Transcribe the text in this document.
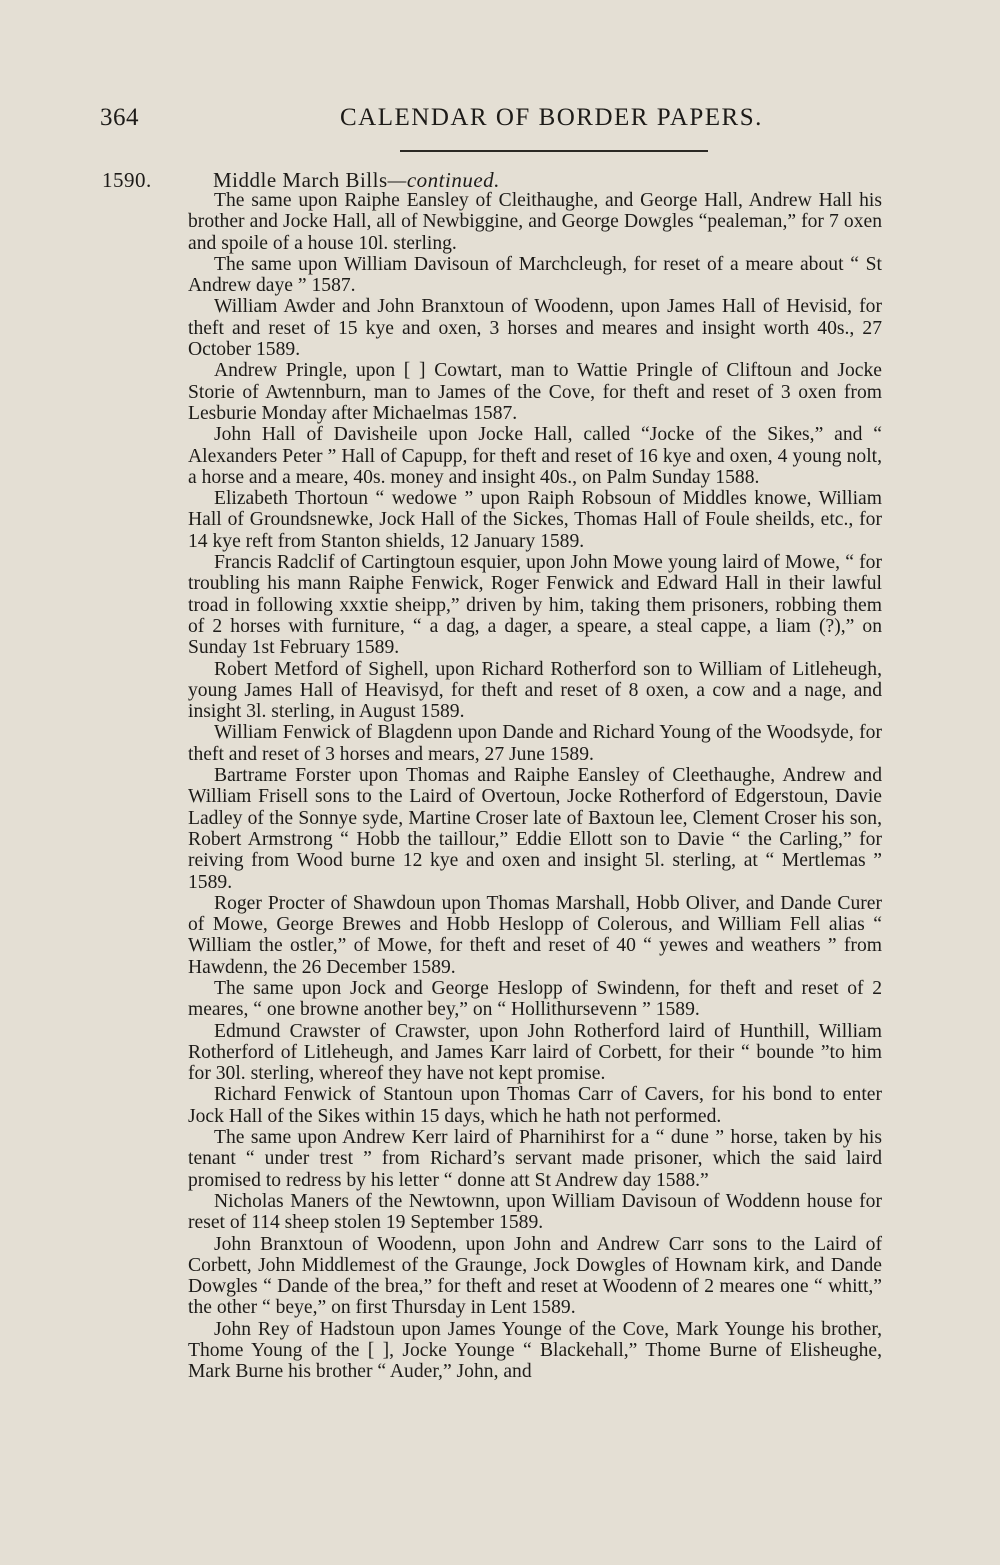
364	CALENDAR OF BORDER PAPERS.
1590.	Middle March Bills—continued.

The same upon Raiphe Eansley of Cleithaughe, and George Hall, Andrew Hall his brother and Jocke Hall, all of Newbiggine, and George Dowgles “pealeman,” for 7 oxen and spoile of a house 10l. sterling.

The same upon William Davisoun of Marchcleugh, for reset of a meare about “ St Andrew daye ” 1587.

William Awder and John Branxtoun of Woodenn, upon James Hall of Hevisid, for theft and reset of 15 kye and oxen, 3 horses and meares and insight worth 40s., 27 October 1589.

Andrew Pringle, upon [ ] Cowtart, man to Wattie Pringle of Cliftoun and Jocke Storie of Awtennburn, man to James of the Cove, for theft and reset of 3 oxen from Lesburie Monday after Michaelmas 1587.

John Hall of Davisheile upon Jocke Hall, called “Jocke of the Sikes,” and “ Alexanders Peter ” Hall of Capupp, for theft and reset of 16 kye and oxen, 4 young nolt, a horse and a meare, 40s. money and insight 40s., on Palm Sunday 1588.

Elizabeth Thortoun “ wedowe ” upon Raiph Robsoun of Middles knowe, William Hall of Groundsnewke, Jock Hall of the Sickes, Thomas Hall of Foule sheilds, etc., for 14 kye reft from Stanton shields, 12 January 1589.

Francis Radclif of Cartingtoun esquier, upon John Mowe young laird of Mowe, “ for troubling his mann Raiphe Fenwick, Roger Fenwick and Edward Hall in their lawful troad in following xxxtie sheipp,” driven by him, taking them prisoners, robbing them of 2 horses with furniture, “ a dag, a dager, a speare, a steal cappe, a liam (?),” on Sunday 1st February 1589.

Robert Metford of Sighell, upon Richard Rotherford son to William of Litleheugh, young James Hall of Heavisyd, for theft and reset of 8 oxen, a cow and a nage, and insight 3l. sterling, in August 1589.

William Fenwick of Blagdenn upon Dande and Richard Young of the Woodsyde, for theft and reset of 3 horses and mears, 27 June 1589.

Bartrame Forster upon Thomas and Raiphe Eansley of Cleethaughe, Andrew and William Frisell sons to the Laird of Overtoun, Jocke Rotherford of Edgerstoun, Davie Ladley of the Sonnye syde, Martine Croser late of Baxtoun lee, Clement Croser his son, Robert Armstrong “ Hobb the taillour,” Eddie Ellott son to Davie “ the Carling,” for reiving from Wood burne 12 kye and oxen and insight 5l. sterling, at “ Mertlemas ” 1589.

Roger Procter of Shawdoun upon Thomas Marshall, Hobb Oliver, and Dande Curer of Mowe, George Brewes and Hobb Heslopp of Colerous, and William Fell alias “ William the ostler,” of Mowe, for theft and reset of 40 “ yewes and weathers ” from Hawdenn, the 26 December 1589.

The same upon Jock and George Heslopp of Swindenn, for theft and reset of 2 meares, “ one browne another bey,” on “ Hollithursevenn ” 1589.

Edmund Crawster of Crawster, upon John Rotherford laird of Hunthill, William Rotherford of Litleheugh, and James Karr laird of Corbett, for their “ bounde ”to him for 30l. sterling, whereof they have not kept promise.

Richard Fenwick of Stantoun upon Thomas Carr of Cavers, for his bond to enter Jock Hall of the Sikes within 15 days, which he hath not performed.

The same upon Andrew Kerr laird of Pharnihirst for a “ dune ” horse, taken by his tenant “ under trest ” from Richard’s servant made prisoner, which the said laird promised to redress by his letter “ donne att St Andrew day 1588.”

Nicholas Maners of the Newtownn, upon William Davisoun of Woddenn house for reset of 114 sheep stolen 19 September 1589.

John Branxtoun of Woodenn, upon John and Andrew Carr sons to the Laird of Corbett, John Middlemest of the Graunge, Jock Dowgles of Hownam kirk, and Dande Dowgles “ Dande of the brea,” for theft and reset at Woodenn of 2 meares one “ whitt,” the other “ beye,” on first Thursday in Lent 1589.

John Rey of Hadstoun upon James Younge of the Cove, Mark Younge his brother, Thome Young of the [ ], Jocke Younge “ Blackehall,” Thome Burne of Elisheughe, Mark Burne his brother “ Auder,” John, and
